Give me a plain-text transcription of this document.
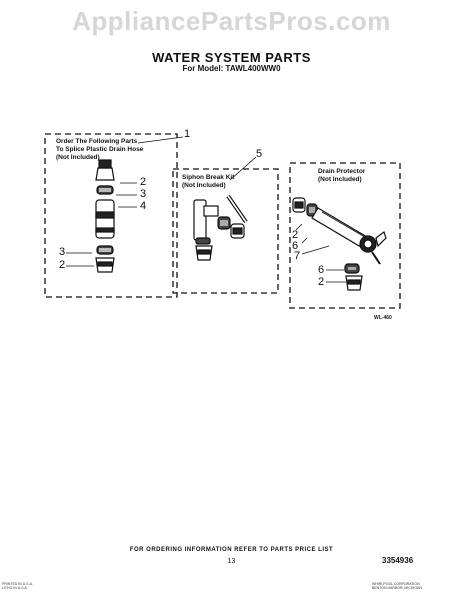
AppliancePartsPros.com
WATER SYSTEM PARTS
For Model: TAWL400WW0
Order The Following Parts
To Splice Plastic Drain Hose
(Not Included)
Siphon Break Kit
(Not Included)
Drain Protector
(Not Included)
1
2
3
4
3
2
5
2
6
7
6
2
WL-460
FOR ORDERING INFORMATION REFER TO PARTS PRICE LIST
13	3354936
PRINTED IN U.S.A.
LITHO IN U.S.A.
WHIRLPOOL CORPORATION
BENTON HARBOR, MICHIGAN
